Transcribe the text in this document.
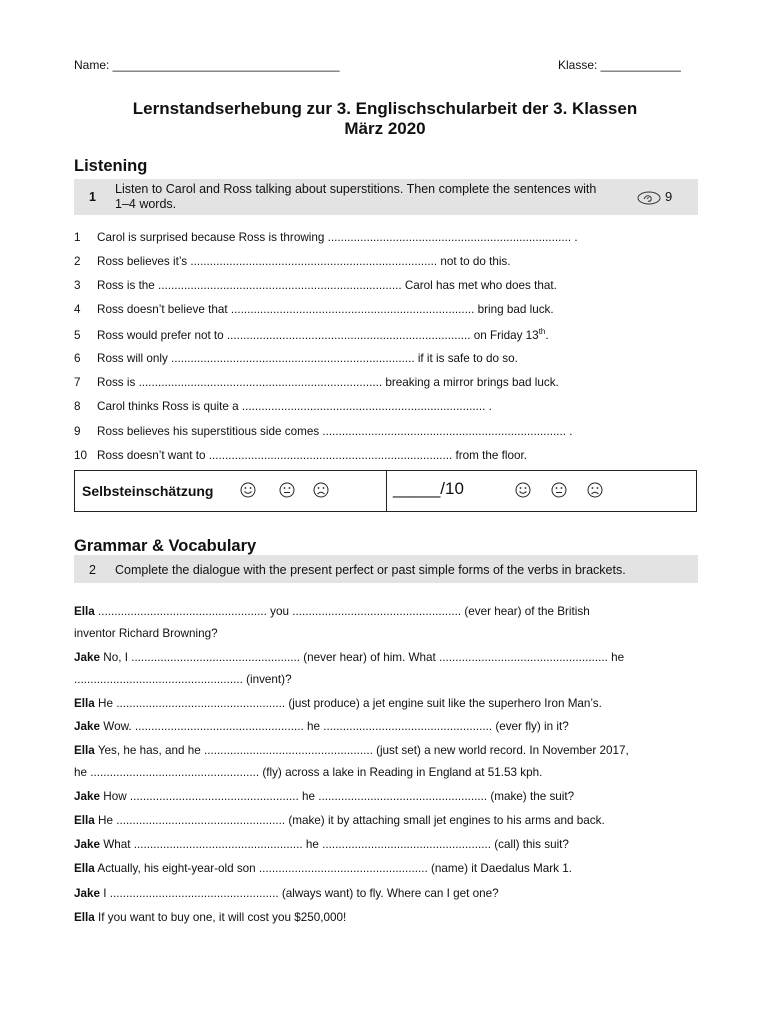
Name: __________________________________	Klasse: ____________
Lernstandserhebung zur 3. Englischschularbeit der 3. Klassen
März 2020
Listening
1
Listen to Carol and Ross talking about superstitions. Then complete the sentences with
1–4 words.	9
1 Carol is surprised because Ross is throwing ........................................................................... .
2 Ross believes it’s ............................................................................ not to do this.
3 Ross is the ........................................................................... Carol has met who does that.
4 Ross doesn’t believe that ........................................................................... bring bad luck.
5 Ross would prefer not to ........................................................................... on Friday 13th.
6 Ross will only ........................................................................... if it is safe to do so.
7 Ross is ........................................................................... breaking a mirror brings bad luck.
8 Carol thinks Ross is quite a ........................................................................... .
9 Ross believes his superstitious side comes ........................................................................... .
10 Ross doesn’t want to ........................................................................... from the floor.
Selbsteinschätzung	_____/10
Grammar & Vocabulary
2 Complete the dialogue with the present perfect or past simple forms of the verbs in brackets.
Ella .................................................... you .................................................... (ever hear) of the British
inventor Richard Browning?
Jake No, I .................................................... (never hear) of him. What .................................................... he
.................................................... (invent)?
Ella He .................................................... (just produce) a jet engine suit like the superhero Iron Man’s.
Jake Wow. .................................................... he .................................................... (ever fly) in it?
Ella Yes, he has, and he .................................................... (just set) a new world record. In November 2017,
he .................................................... (fly) across a lake in Reading in England at 51.53 kph.
Jake How .................................................... he .................................................... (make) the suit?
Ella He .................................................... (make) it by attaching small jet engines to his arms and back.
Jake What .................................................... he .................................................... (call) this suit?
Ella Actually, his eight-year-old son .................................................... (name) it Daedalus Mark 1.
Jake I .................................................... (always want) to fly. Where can I get one?
Ella If you want to buy one, it will cost you $250,000!
